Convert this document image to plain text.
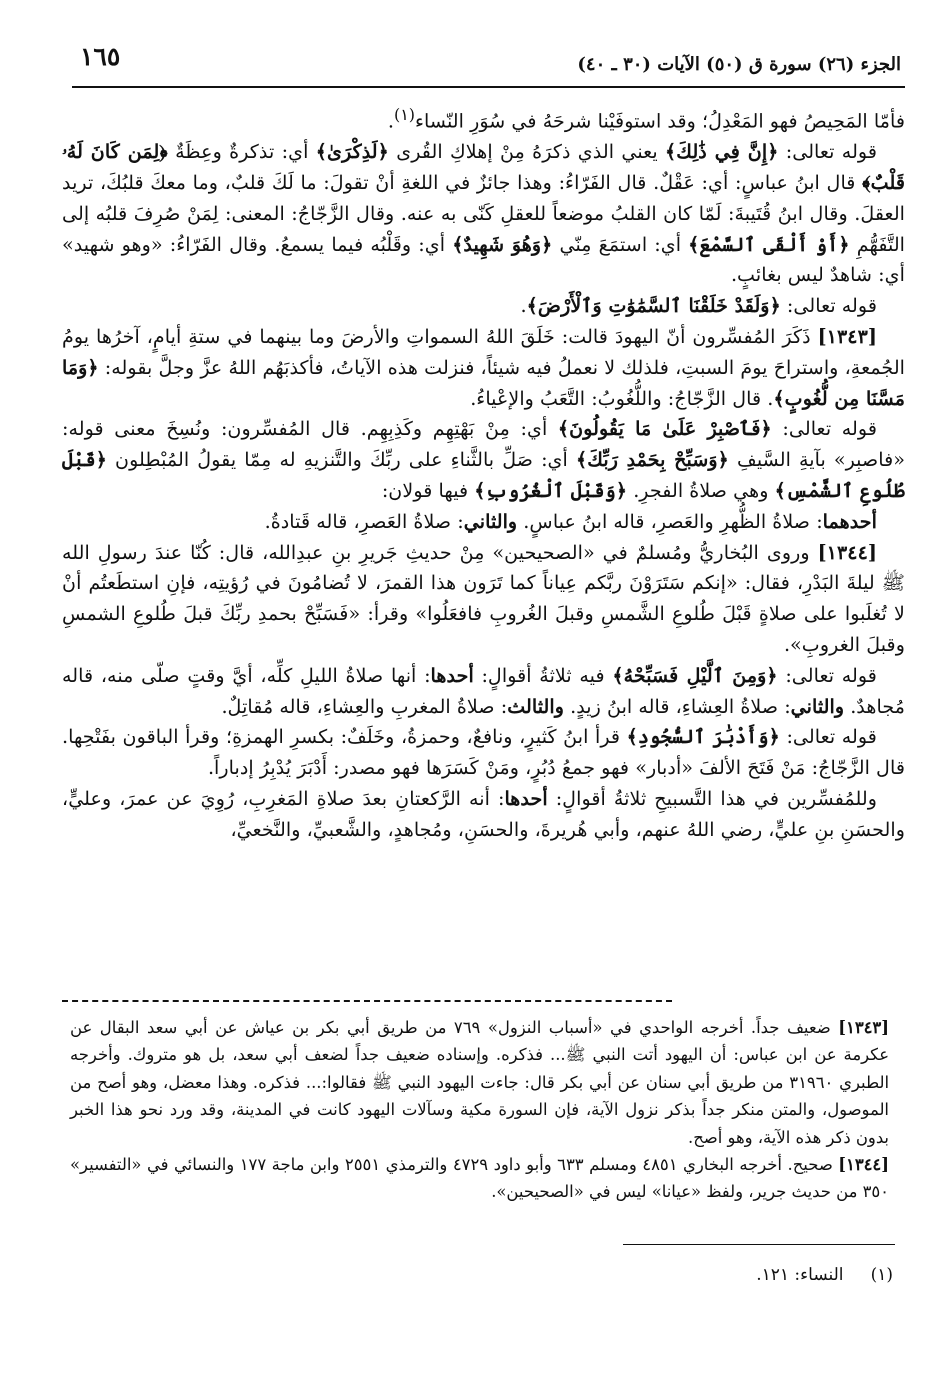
١٦٥	الجزء (٢٦) سورة ق (٥٠) الآيات (٣٠ ـ ٤٠)

فأمّا المَحِيصُ فهو المَعْدِلُ؛ وقد استوفَيْنا شرحَهُ في سُوَرِ النّساء$^{(١)}$.

قوله تعالى: ﴿إِنَّ فِي ذَٰلِكَ﴾ يعني الذي ذكرَهُ مِنْ إهلاكِ القُرى ﴿لَذِكْرَىٰ﴾ أي: تذكرةٌ وعِظَةٌ ﴿لِمَن كَانَ لَهُۥ قَلْبٌ﴾ قال ابنُ عباسٍ: أي: عَقْلٌ. قال الفَرّاءُ: وهذا جائزٌ في اللغةِ أنْ تقولَ: ما لَكَ قلبٌ، وما معكَ قلبُكَ، تريد العقلَ. وقال ابنُ قُتَيبةَ: لَمّا كان القلبُ موضعاً للعقلِ كَنّى به عنه. وقال الزَّجّاجُ: المعنى: لِمَنْ صُرِفَ قلبُه إلى التَّفَهُّمِ ﴿أَوْ أَلْقَى ٱلسَّمْعَ﴾ أي: استمَعَ مِنّي ﴿وَهُوَ شَهِيدٌ﴾ أي: وقَلْبُه فيما يسمعُ. وقال الفَرّاءُ: «وهو شهيد» أي: شاهدٌ ليس بغائبٍ.

قوله تعالى: ﴿وَلَقَدْ خَلَقْنَا ٱلسَّمَٰوَٰتِ وَٱلْأَرْضَ﴾.

[١٣٤٣] ذَكَرَ المُفسِّرون أنّ اليهودَ قالت: خَلَقَ اللهُ السمواتِ والأرضَ وما بينهما في ستةِ أيامٍ، آخرُها يومُ الجُمعةِ، واستراحَ يومَ السبتِ، فلذلك لا نعملُ فيه شيئاً، فنزلت هذه الآياتُ، فأكذبَهُم اللهُ عزَّ وجلَّ بقوله: ﴿وَمَا مَسَّنَا مِن لُّغُوبٍ﴾. قال الزَّجّاجُ: واللُّغُوبُ: التَّعَبُ والإعْياءُ.

قوله تعالى: ﴿فَٱصْبِرْ عَلَىٰ مَا يَقُولُونَ﴾ أي: مِنْ بَهْتِهِم وكَذِبِهِم. قال المُفسِّرون: ونُسِخَ معنى قوله: «فاصبِر» بآيةِ السَّيفِ ﴿وَسَبِّحْ بِحَمْدِ رَبِّكَ﴾ أي: صَلِّ بالثَّناءِ على ربِّكَ والتَّنزيهِ له مِمّا يقولُ المُبْطِلون ﴿قَبْلَ طُلُوعِ ٱلشَّمْسِ﴾ وهي صلاةُ الفجرِ. ﴿وَقَبْلَ ٱلْغُرُوبِ﴾ فيها قولان:

أحدهما: صلاةُ الظُّهرِ والعَصرِ، قاله ابنُ عباسٍ. والثاني: صلاةُ العَصرِ، قاله قَتادةُ.

[١٣٤٤] وروى البُخاريُّ ومُسلمٌ في «الصحيحين» مِنْ حديثِ جَريرِ بنِ عبدِالله، قال: كُنّا عندَ رسولِ الله ﷺ ليلةَ البَدْرِ، فقال: «إنكم سَتَرَوْنَ ربَّكم عِياناً كما تَرَون هذا القمرَ، لا تُضامُونَ في رُؤيتِه، فإنِ استطَعتُم أنْ لا تُغلَبوا على صلاةٍ قَبْلَ طُلوعِ الشَّمسِ وقبلَ الغُروبِ فافعَلُوا» وقرأ: «فَسَبِّحْ بحمدِ ربِّكَ قبلَ طُلوعِ الشمسِ وقبلَ الغروبِ».

قوله تعالى: ﴿وَمِنَ ٱلَّيْلِ فَسَبِّحْهُ﴾ فيه ثلاثةُ أقوالٍ: أحدها: أنها صلاةُ الليلِ كلِّه، أيَّ وقتٍ صلّى منه، قاله مُجاهدٌ. والثاني: صلاةُ العِشاءِ، قاله ابنُ زيدٍ. والثالث: صلاةُ المغربِ والعِشاءِ، قاله مُقاتِلٌ.

قوله تعالى: ﴿وَأَدْبَٰرَ ٱلسُّجُودِ﴾ قرأ ابنُ كَثيرٍ، ونافعٌ، وحمزةُ، وخَلَفٌ: بكسرِ الهمزةِ؛ وقرأ الباقون بفَتْحِها. قال الزَّجّاجُ: مَنْ فَتَحَ الألفَ «أدبار» فهو جمعُ دُبُرٍ، ومَنْ كَسَرَها فهو مصدر: أَدْبَرَ يُدْبِرُ إدباراً.

وللمُفسِّرين في هذا التَّسبيحِ ثلاثةُ أقوالٍ: أحدها: أنه الرَّكعتانِ بعدَ صلاةِ المَغرِبِ، رُوِيَ عن عمرَ، وعليٍّ، والحسَنِ بنِ عليٍّ، رضي اللهُ عنهم، وأبي هُريرةَ، والحسَنِ، ومُجاهدٍ، والشَّعبيِّ، والنَّخعيِّ،

[١٣٤٣] ضعيف جداً. أخرجه الواحدي في «أسباب النزول» ٧٦٩ من طريق أبي بكر بن عياش عن أبي سعد البقال عن عكرمة عن ابن عباس: أن اليهود أتت النبي ﷺ... فذكره. وإسناده ضعيف جداً لضعف أبي سعد، بل هو متروك. وأخرجه الطبري ٣١٩٦٠ من طريق أبي سنان عن أبي بكر قال: جاءت اليهود النبي ﷺ فقالوا:... فذكره. وهذا معضل، وهو أصح من الموصول، والمتن منكر جداً بذكر نزول الآية، فإن السورة مكية وسآلات اليهود كانت في المدينة، وقد ورد نحو هذا الخبر بدون ذكر هذه الآية، وهو أصح.

[١٣٤٤] صحيح. أخرجه البخاري ٤٨٥١ ومسلم ٦٣٣ وأبو داود ٤٧٢٩ والترمذي ٢٥٥١ وابن ماجة ١٧٧ والنسائي في «التفسير» ٣٥٠ من حديث جرير، ولفظ «عيانا» ليس في «الصحيحين».

(١)     النساء: ١٢١.
